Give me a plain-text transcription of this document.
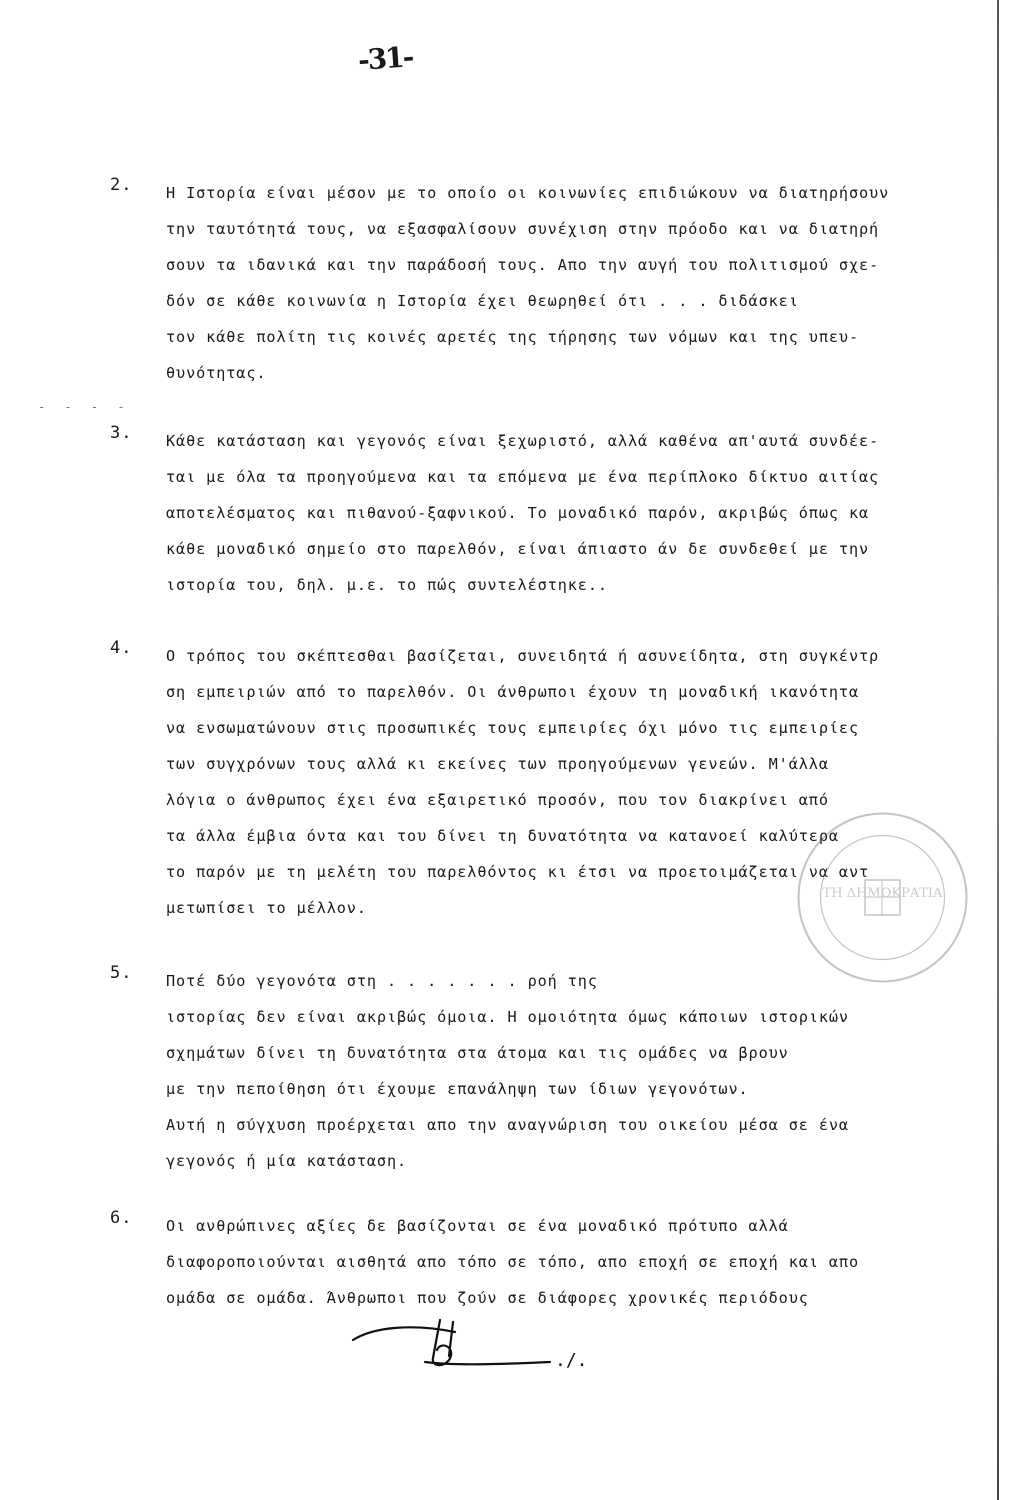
-31-
- - - -
2.	Η Ιστορία είναι μέσον με το οποίο οι κοινωνίες επιδιώκουν να διατηρήσουν
την ταυτότητά τους, να εξασφαλίσουν συνέχιση στην πρόοδο και να διατηρή
σουν τα ιδανικά και την παράδοσή τους. Απο την αυγή του πολιτισμού σχε-
δόν σε κάθε κοινωνία η Ιστορία έχει θεωρηθεί ότι . . . διδάσκει
τον κάθε πολίτη τις κοινές αρετές της τήρησης των νόμων και της υπευ-
θυνότητας.
3.	Κάθε κατάσταση και γεγονός είναι ξεχωριστό, αλλά καθένα απ'αυτά συνδέε-
ται με όλα τα προηγούμενα και τα επόμενα με ένα περίπλοκο δίκτυο αιτίας
αποτελέσματος και πιθανού-ξαφνικού. Το μοναδικό παρόν, ακριβώς όπως κα
κάθε μοναδικό σημείο στο παρελθόν, είναι άπιαστο άν δε συνδεθεί με την
ιστορία του, δηλ. μ.ε. το πώς συντελέστηκε..
4.	Ο τρόπος του σκέπτεσθαι βασίζεται, συνειδητά ή ασυνείδητα, στη συγκέντρ
ση εμπειριών από το παρελθόν. Οι άνθρωποι έχουν τη μοναδική ικανότητα
να ενσωματώνουν στις προσωπικές τους εμπειρίες όχι μόνο τις εμπειρίες
των συγχρόνων τους αλλά κι εκείνες των προηγούμενων γενεών. Μ'άλλα
λόγια ο άνθρωπος έχει ένα εξαιρετικό προσόν, που τον διακρίνει από
τα άλλα έμβια όντα και του δίνει τη δυνατότητα να κατανοεί καλύτερα
το παρόν με τη μελέτη του παρελθόντος κι έτσι να προετοιμάζεται να αντ
μετωπίσει το μέλλον.
5.	Ποτέ δύο γεγονότα στη . . . . . . . ροή της
ιστορίας δεν είναι ακριβώς όμοια. Η ομοιότητα όμως κάποιων ιστορικών
σχημάτων δίνει τη δυνατότητα στα άτομα και τις ομάδες να βρουν
με την πεποίθηση ότι έχουμε επανάληψη των ίδιων γεγονότων.
Αυτή η σύγχυση προέρχεται απο την αναγνώριση του οικείου μέσα σε ένα
γεγονός ή μία κατάσταση.
6.	Οι ανθρώπινες αξίες δε βασίζονται σε ένα μοναδικό πρότυπο αλλά
διαφοροποιούνται αισθητά απο τόπο σε τόπο, απο εποχή σε εποχή και απο
ομάδα σε ομάδα. Άνθρωποι που ζούν σε διάφορες χρονικές περιόδους
ΤΗ ΔΗΜΟΚΡΑΤΙΑ
./.
